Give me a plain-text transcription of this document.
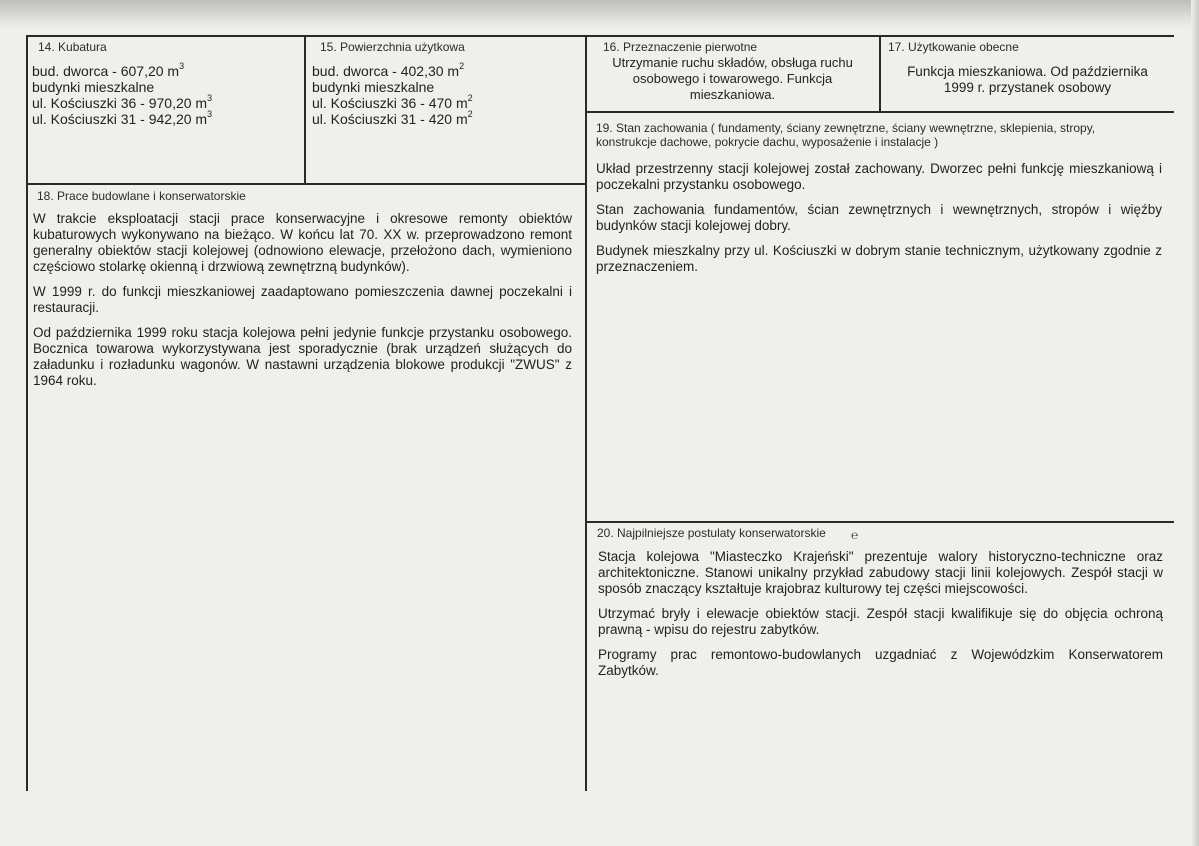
14. Kubatura
bud. dworca - 607,20 $m^3$
budynki mieszkalne
ul. Kościuszki 36 - 970,20 $m^3$
ul. Kościuszki 31 - 942,20 $m^3$
15. Powierzchnia użytkowa
bud. dworca - 402,30 $m^2$
budynki mieszkalne
ul. Kościuszki 36 - 470 $m^2$
ul. Kościuszki 31 - 420 $m^2$
16. Przeznaczenie pierwotne
Utrzymanie ruchu składów, obsługa ruchu osobowego i towarowego. Funkcja mieszkaniowa.
17. Użytkowanie obecne
Funkcja mieszkaniowa. Od października 1999 r. przystanek osobowy
18. Prace budowlane i konserwatorskie

W trakcie eksploatacji stacji prace konserwacyjne i okresowe remonty obiektów kubaturowych wykonywano na bieżąco. W końcu lat 70. XX w. przeprowadzono remont generalny obiektów stacji kolejowej (odnowiono elewacje, przełożono dach, wymieniono częściowo stolarkę okienną i drzwiową zewnętrzną budynków).

W 1999 r. do funkcji mieszkaniowej zaadaptowano pomieszczenia dawnej poczekalni i restauracji.

Od października 1999 roku stacja kolejowa pełni jedynie funkcje przystanku osobowego. Bocznica towarowa wykorzystywana jest sporadycznie (brak urządzeń służących do załadunku i rozładunku wagonów. W nastawni urządzenia blokowe produkcji "ZWUS" z 1964 roku.

19. Stan zachowania ( fundamenty, ściany zewnętrzne, ściany wewnętrzne, sklepienia, stropy, konstrukcje dachowe, pokrycie dachu, wyposażenie i instalacje )

Układ przestrzenny stacji kolejowej został zachowany. Dworzec pełni funkcję mieszkaniową i poczekalni przystanku osobowego.

Stan zachowania fundamentów, ścian zewnętrznych i wewnętrznych, stropów i więźby budynków stacji kolejowej dobry.

Budynek mieszkalny przy ul. Kościuszki w dobrym stanie technicznym, użytkowany zgodnie z przeznaczeniem.

20. Najpilniejsze postulaty konserwatorskie ℮

Stacja kolejowa "Miasteczko Krajeński" prezentuje walory historyczno-techniczne oraz architektoniczne. Stanowi unikalny przykład zabudowy stacji linii kolejowych. Zespół stacji w sposób znaczący kształtuje krajobraz kulturowy tej części miejscowości.

Utrzymać bryły i elewacje obiektów stacji. Zespół stacji kwalifikuje się do objęcia ochroną prawną - wpisu do rejestru zabytków.

Programy prac remontowo-budowlanych uzgadniać z Wojewódzkim Konserwatorem Zabytków.
